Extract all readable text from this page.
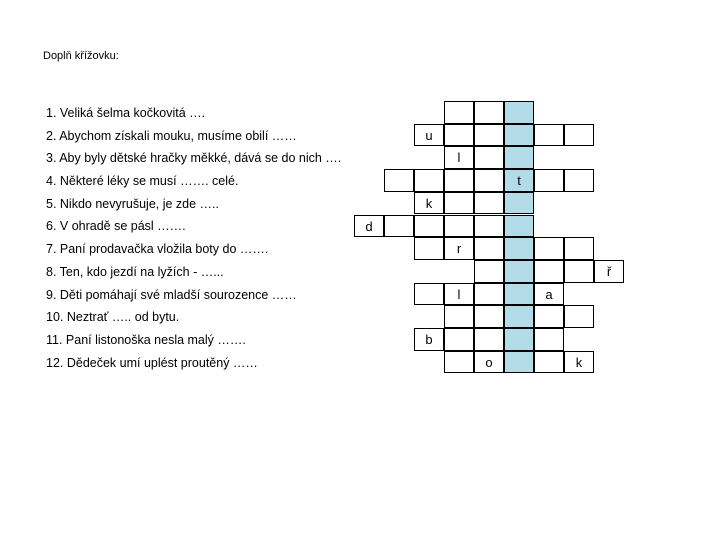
Doplň křížovku:
1. Veliká šelma kočkovitá ….
2. Abychom získali mouku, musíme obilí ……
3. Aby byly dětské hračky měkké, dává se do nich ….
4. Některé léky se musí ……. celé.
5. Nikdo nevyrušuje, je zde …..
6. V ohradě se pásl …….
7. Paní prodavačka vložila boty do …….
8. Ten, kdo jezdí na lyžích - …...
9. Děti pomáhají své mladší sourozence ……
10. Neztrať ….. od bytu.
11. Paní listonoška nesla malý …….
12. Dědeček umí uplést proutěný ……
u
l
t
k
d
r
ř
l	a
b
o	k
